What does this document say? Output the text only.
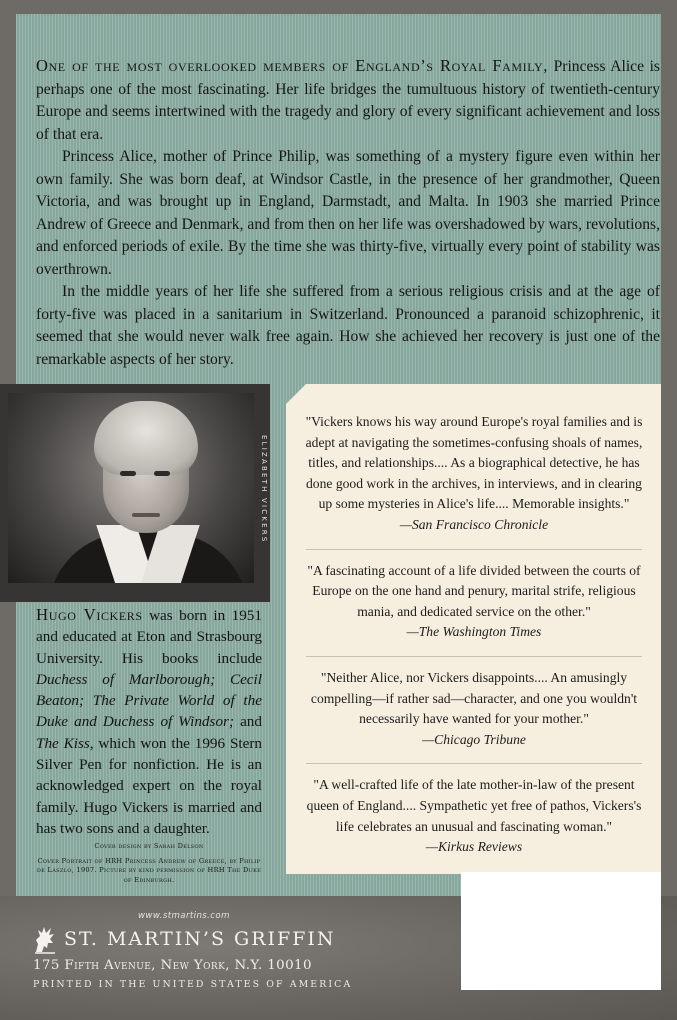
One of the most overlooked members of England’s Royal Family, Princess Alice is perhaps one of the most fascinating. Her life bridges the tumultuous history of twentieth-century Europe and seems intertwined with the tragedy and glory of every significant achievement and loss of that era.

Princess Alice, mother of Prince Philip, was something of a mystery figure even within her own family. She was born deaf, at Windsor Castle, in the presence of her grandmother, Queen Victoria, and was brought up in England, Darmstadt, and Malta. In 1903 she married Prince Andrew of Greece and Denmark, and from then on her life was overshadowed by wars, revolutions, and enforced periods of exile. By the time she was thirty-five, virtually every point of stability was overthrown.

In the middle years of her life she suffered from a serious religious crisis and at the age of forty-five was placed in a sanitarium in Switzerland. Pronounced a paranoid schizophrenic, it seemed that she would never walk free again. How she achieved her recovery is just one of the remarkable aspects of her story.

ELIZABETH VICKERS
Hugo Vickers was born in 1951 and educated at Eton and Strasbourg University. His books include Duchess of Marlborough; Cecil Beaton; The Private World of the Duke and Duchess of Windsor; and The Kiss, which won the 1996 Stern Silver Pen for nonfiction. He is an acknowledged expert on the royal family. Hugo Vickers is married and has two sons and a daughter.
Cover design by Sarah Delson
Cover Portrait of HRH Princess Andrew of Greece, by Philip de Laszlo, 1907. Picture by kind permission of HRH The Duke of Edinburgh.
"Vickers knows his way around Europe's royal families and is adept at navigating the sometimes-confusing shoals of names, titles, and relationships.... As a biographical detective, he has done good work in the archives, in interviews, and in clearing up some mysteries in Alice's life.... Memorable insights."
—San Francisco Chronicle
"A fascinating account of a life divided between the courts of Europe on the one hand and penury, marital strife, religious mania, and dedicated service on the other."
—The Washington Times
"Neither Alice, nor Vickers disappoints.... An amusingly compelling—if rather sad—character, and one you wouldn't necessarily have wanted for your mother."
—Chicago Tribune
"A well-crafted life of the late mother-in-law of the present queen of England.... Sympathetic yet free of pathos, Vickers's life celebrates an unusual and fascinating woman."
—Kirkus Reviews
www.stmartins.com
ST. MARTIN’S GRIFFIN
175 Fifth Avenue, New York, N.Y. 10010
PRINTED IN THE UNITED STATES OF AMERICA
